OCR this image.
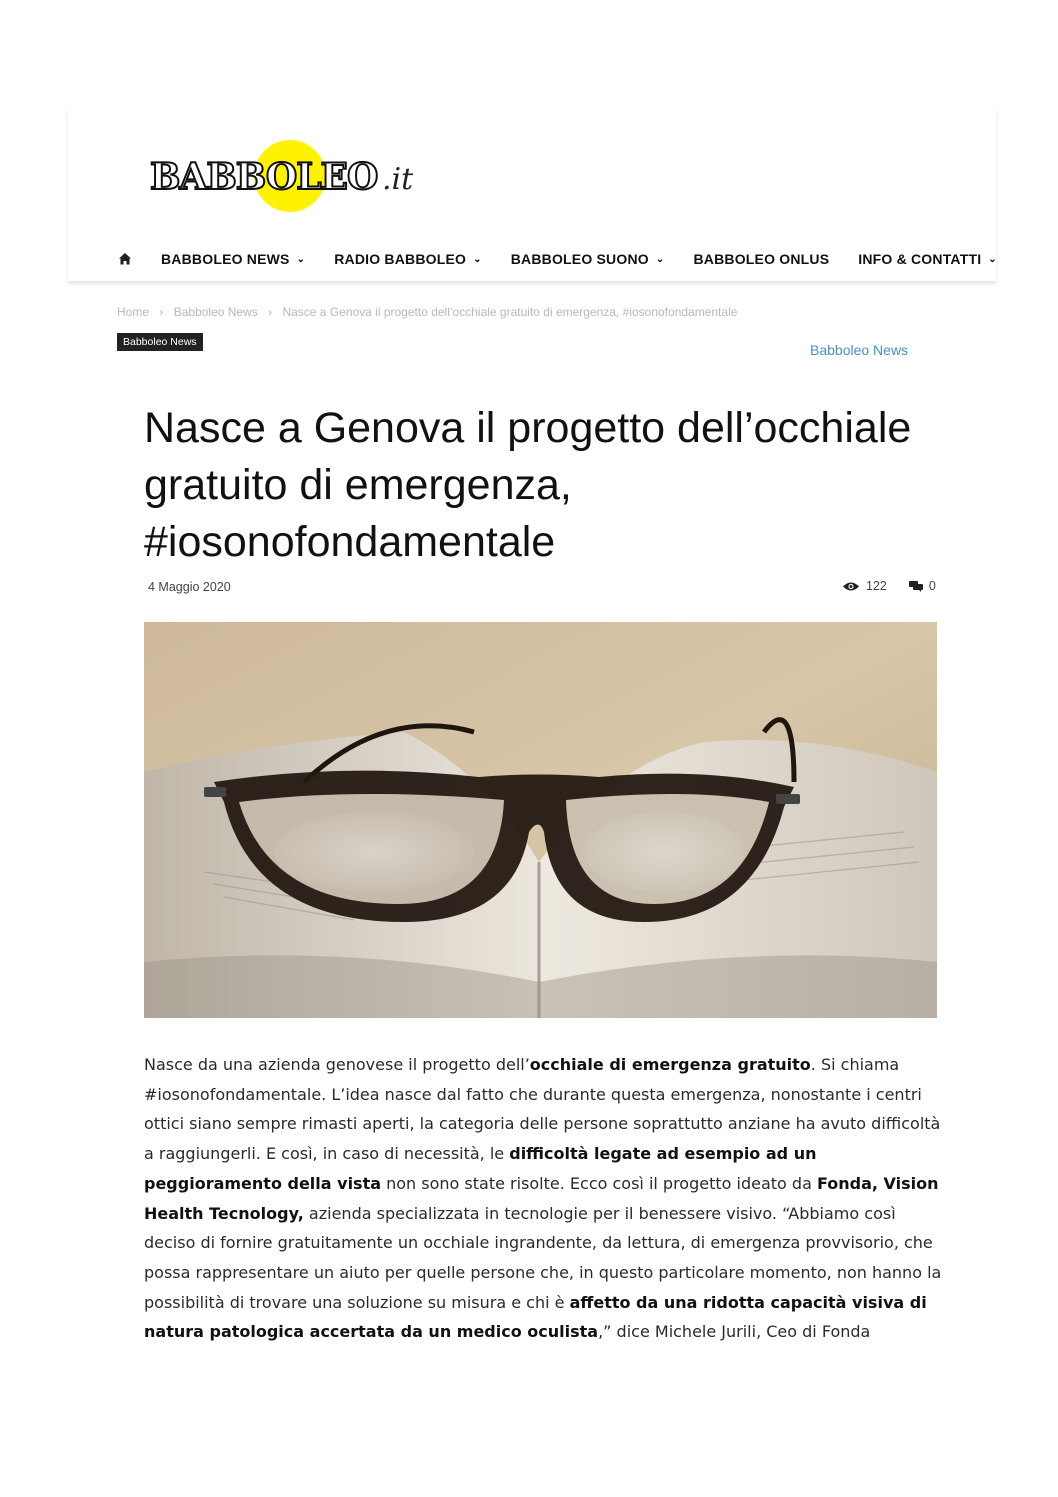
BABBOLEO .it
BABBOLEO NEWS ⌄ RADIO BABBOLEO ⌄ BABBOLEO SUONO ⌄ BABBOLEO ONLUS INFO & CONTATTI ⌄
Home › Babboleo News › Nasce a Genova il progetto dell’occhiale gratuito di emergenza, #iosonofondamentale
Babboleo News	Babboleo News
Nasce a Genova il progetto dell’occhiale gratuito di emergenza, #iosonofondamentale
4 Maggio 2020	122	0

Nasce da una azienda genovese il progetto dell’occhiale di emergenza gratuito. Si chiama #iosonofondamentale. L’idea nasce dal fatto che durante questa emergenza, nonostante i centri ottici siano sempre rimasti aperti, la categoria delle persone soprattutto anziane ha avuto difficoltà a raggiungerli. E così, in caso di necessità, le difficoltà legate ad esempio ad un peggioramento della vista non sono state risolte. Ecco così il progetto ideato da Fonda, Vision Health Tecnology, azienda specializzata in tecnologie per il benessere visivo. “Abbiamo così deciso di fornire gratuitamente un occhiale ingrandente, da lettura, di emergenza provvisorio, che possa rappresentare un aiuto per quelle persone che, in questo particolare momento, non hanno la possibilità di trovare una soluzione su misura e chi è affetto da una ridotta capacità visiva di natura patologica accertata da un medico oculista,” dice Michele Jurili, Ceo di Fonda
